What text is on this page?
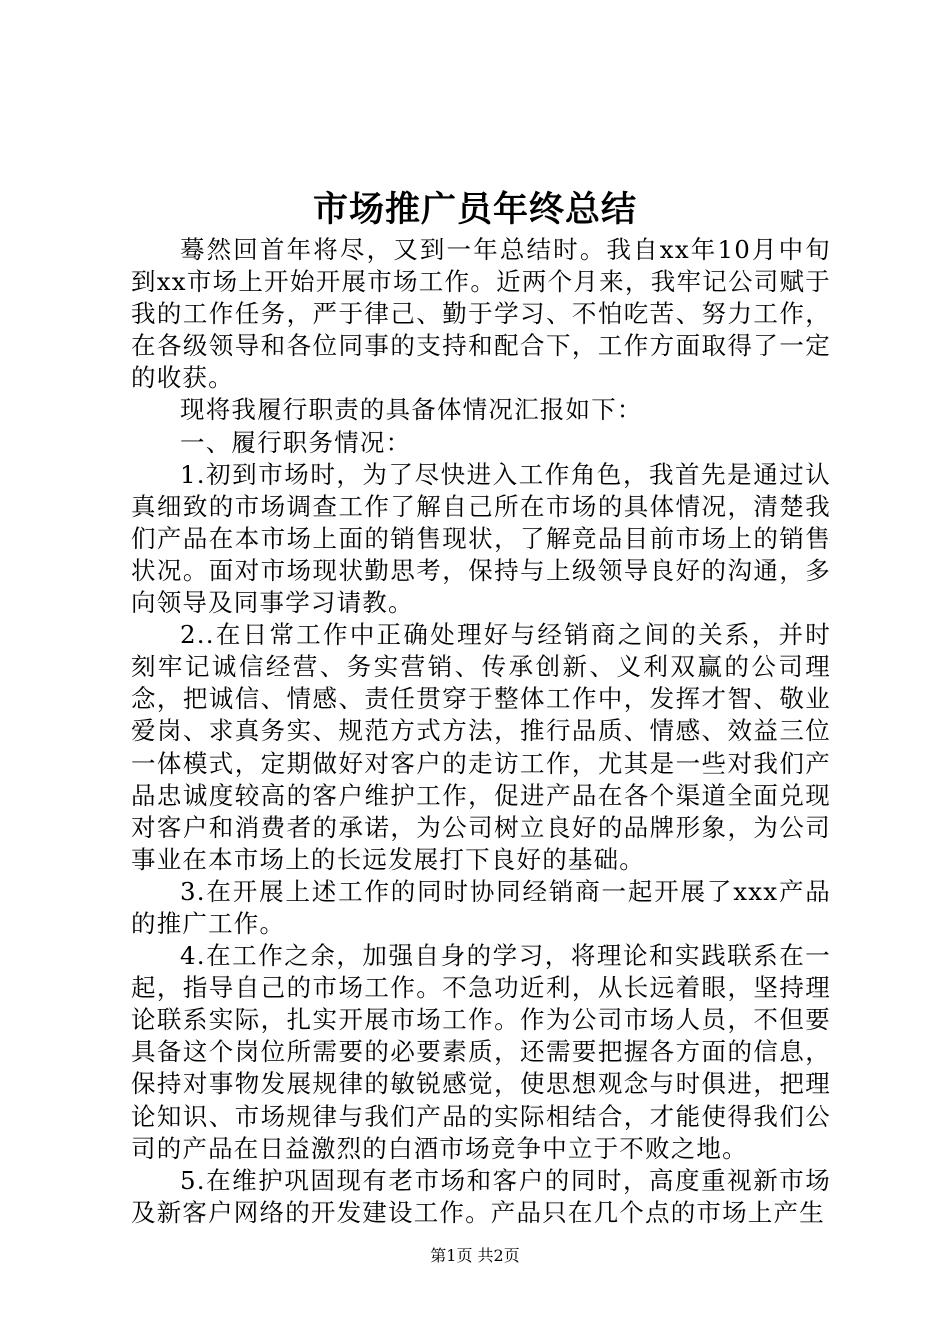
市场推广员年终总结

蓦然回首年将尽，又到一年总结时。我自xx年10月中旬到xx市场上开始开展市场工作。近两个月来，我牢记公司赋于我的工作任务，严于律己、勤于学习、不怕吃苦、努力工作，在各级领导和各位同事的支持和配合下，工作方面取得了一定的收获。

现将我履行职责的具备体情况汇报如下：

一、履行职务情况：

1.初到市场时，为了尽快进入工作角色，我首先是通过认真细致的市场调查工作了解自己所在市场的具体情况，清楚我们产品在本市场上面的销售现状，了解竞品目前市场上的销售状况。面对市场现状勤思考，保持与上级领导良好的沟通，多向领导及同事学习请教。

2..在日常工作中正确处理好与经销商之间的关系，并时刻牢记诚信经营、务实营销、传承创新、义利双赢的公司理念，把诚信、情感、责任贯穿于整体工作中，发挥才智、敬业爱岗、求真务实、规范方式方法，推行品质、情感、效益三位一体模式，定期做好对客户的走访工作，尤其是一些对我们产品忠诚度较高的客户维护工作，促进产品在各个渠道全面兑现对客户和消费者的承诺，为公司树立良好的品牌形象，为公司事业在本市场上的长远发展打下良好的基础。

3.在开展上述工作的同时协同经销商一起开展了xxx产品的推广工作。

4.在工作之余，加强自身的学习，将理论和实践联系在一起，指导自己的市场工作。不急功近利，从长远着眼，坚持理论联系实际，扎实开展市场工作。作为公司市场人员，不但要具备这个岗位所需要的必要素质，还需要把握各方面的信息，保持对事物发展规律的敏锐感觉，使思想观念与时俱进，把理论知识、市场规律与我们产品的实际相结合，才能使得我们公司的产品在日益激烈的白酒市场竞争中立于不败之地。

5.在维护巩固现有老市场和客户的同时，高度重视新市场及新客户网络的开发建设工作。产品只在几个点的市场上产生

第1页 共2页
